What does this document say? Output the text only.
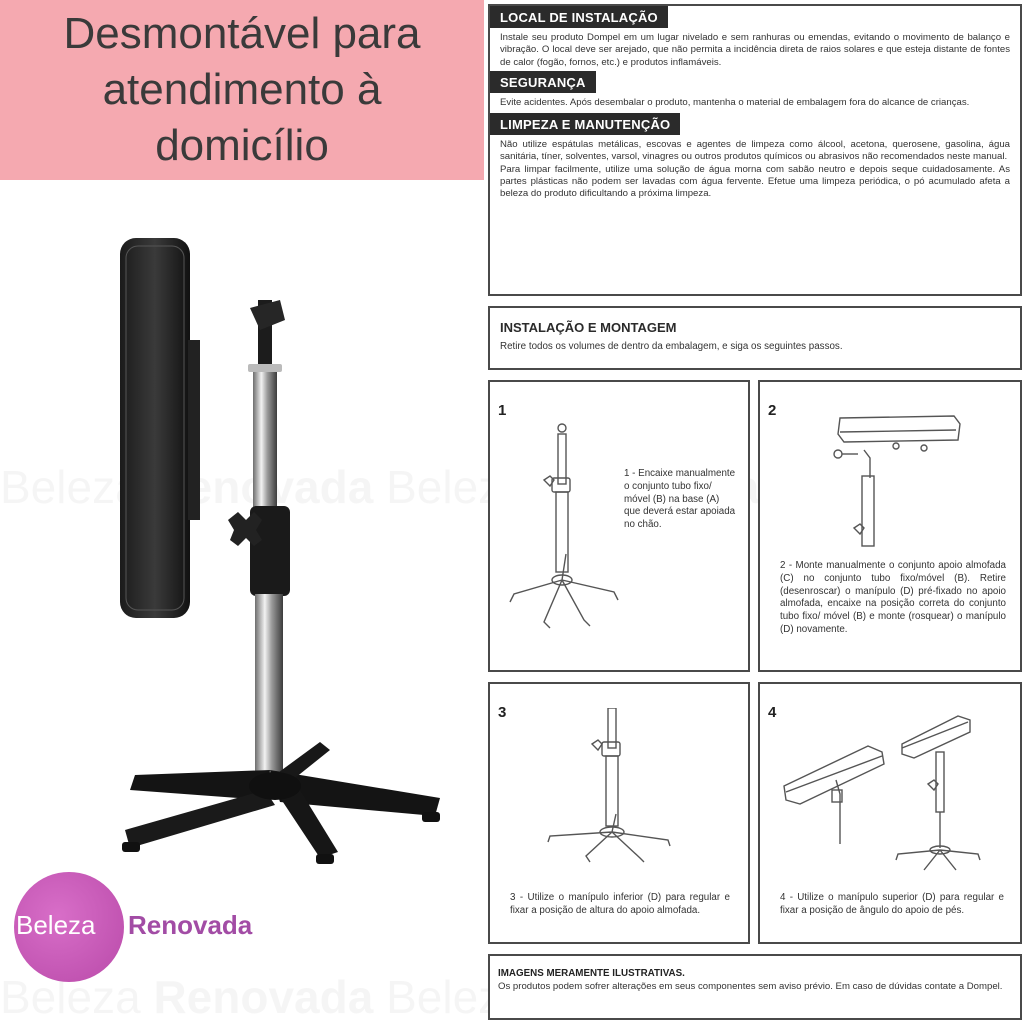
Desmontável para
atendimento à
domicílio
Beleza Renovada
LOCAL DE INSTALAÇÃO

Instale seu produto Dompel em um lugar nivelado e sem ranhuras ou emendas, evitando o movimento de balanço e vibração. O local deve ser arejado, que não permita a incidência direta de raios solares e que esteja distante de fontes de calor (fogão, fornos, etc.) e produtos inflamáveis.

SEGURANÇA

Evite acidentes. Após desembalar o produto, mantenha o material de embalagem fora do alcance de crianças.

LIMPEZA E MANUTENÇÃO

Não utilize espátulas metálicas, escovas e agentes de limpeza como álcool, acetona, querosene, gasolina, água sanitária, tíner, solventes, varsol, vinagres ou outros produtos químicos ou abrasivos não recomendados neste manual.

Para limpar facilmente, utilize uma solução de água morna com sabão neutro e depois seque cuidadosamente. As partes plásticas não podem ser lavadas com água fervente. Efetue uma limpeza periódica, o pó acumulado afeta a beleza do produto dificultando a próxima limpeza.

INSTALAÇÃO E MONTAGEM
Retire todos os volumes de dentro da embalagem, e siga os seguintes passos.
1
1 - Encaixe manualmente o conjunto tubo fixo/ móvel (B) na base (A) que deverá estar apoiada no chão.
2
2 - Monte manualmente o conjunto apoio almofada (C) no conjunto tubo fixo/móvel (B). Retire (desenroscar) o manípulo (D) pré-fixado no apoio almofada, encaixe na posição correta do conjunto tubo fixo/ móvel (B) e monte (rosquear) o manípulo (D) novamente.
3
3 - Utilize o manípulo inferior (D) para regular e fixar a posição de altura do apoio almofada.
4
4 - Utilize o manípulo superior (D) para regular e fixar a posição de ângulo do apoio de pés.
IMAGENS MERAMENTE ILUSTRATIVAS.
Os produtos podem sofrer alterações em seus componentes sem aviso prévio. Em caso de dúvidas contate a Dompel.
